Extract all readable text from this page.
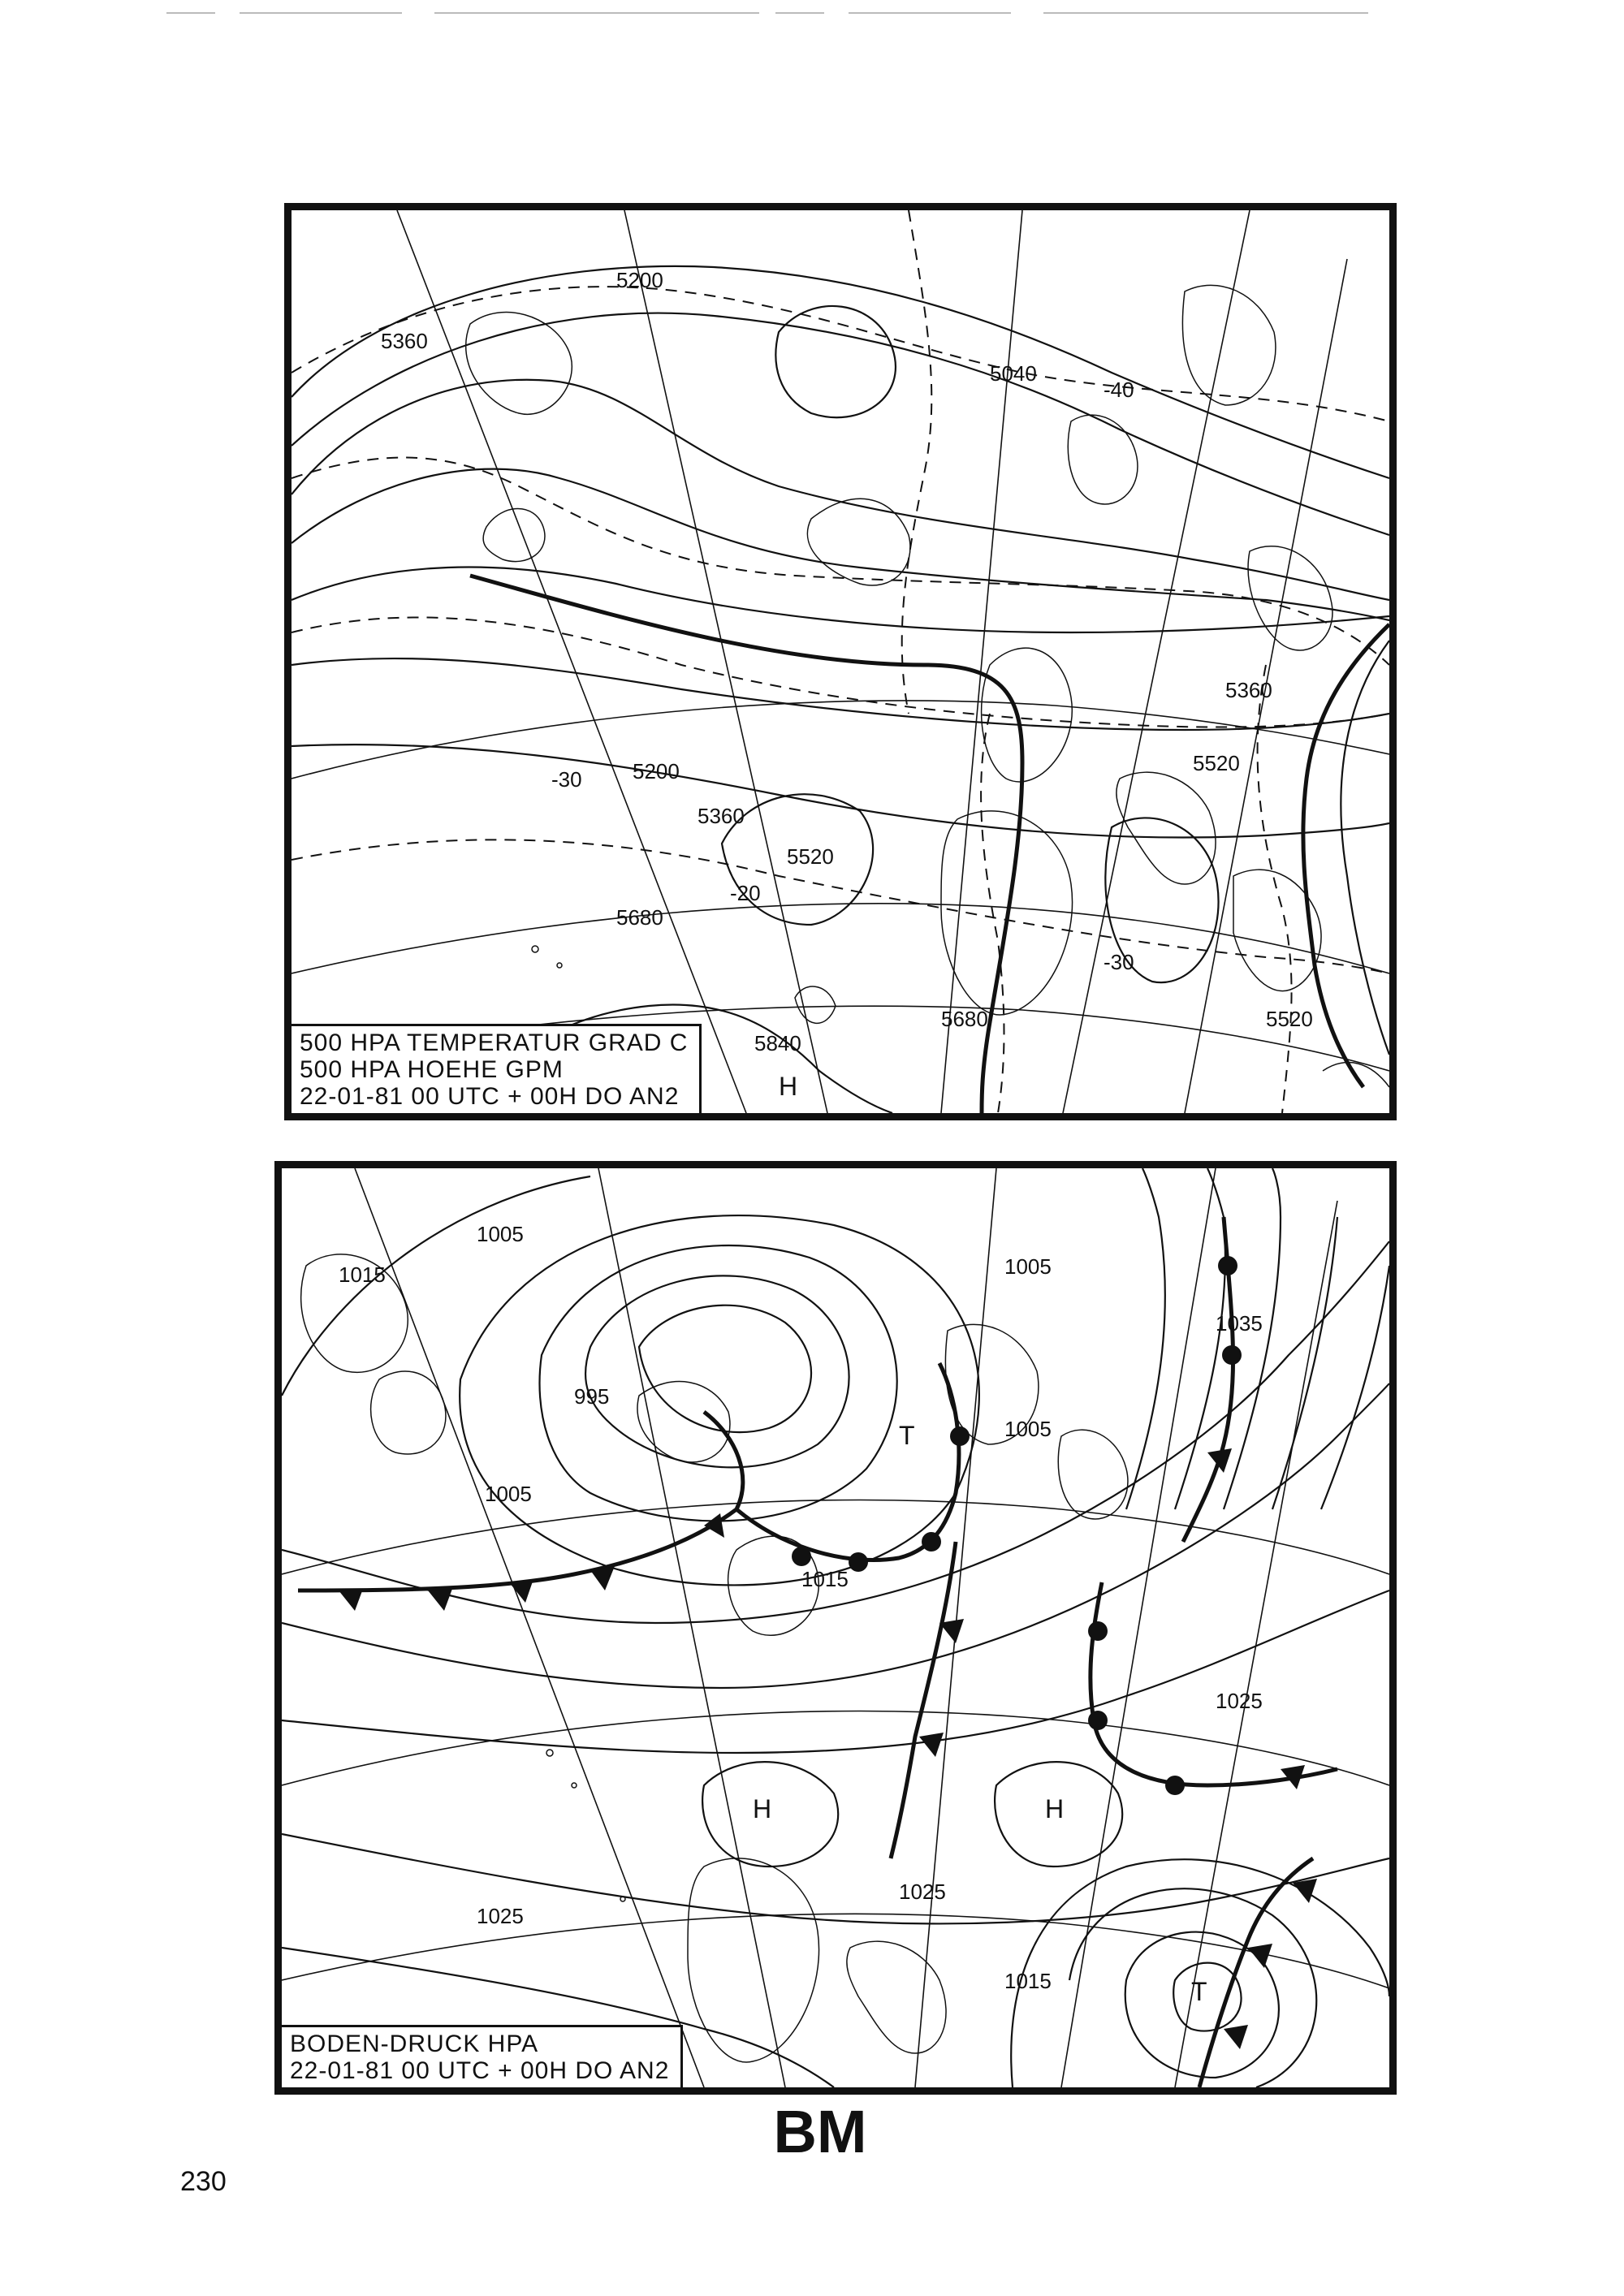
5200
5360
5520
5680
5840
5040
5360
5200
5520
5680	5520
5360
-30
-20
-30
-40
H
500 HPA TEMPERATUR GRAD C
500 HPA HOEHE GPM
22-01-81 00 UTC + 00H DO AN2
1005
1015
995
1005
1015
1005
1005
1025
1025
1025
1015
1035
H	H
T
T
BODEN-DRUCK HPA
22-01-81 00 UTC + 00H DO AN2
BM
230
